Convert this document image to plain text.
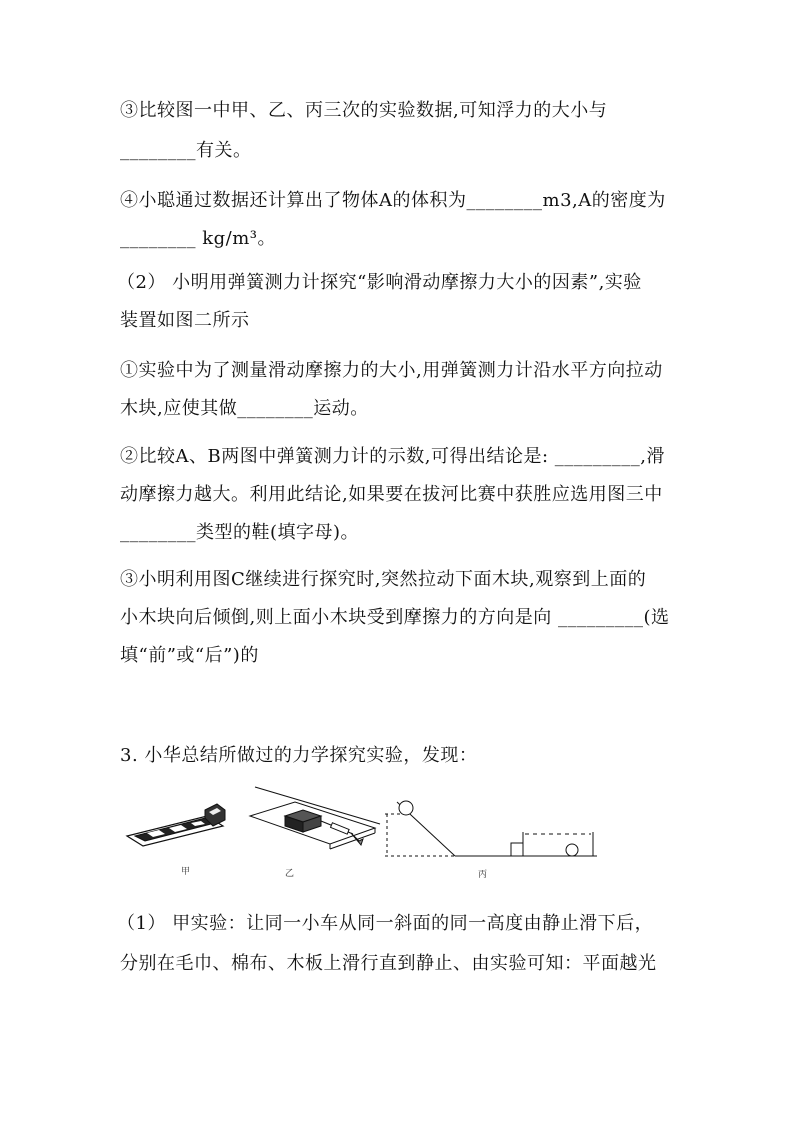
③比较图一中甲、乙、丙三次的实验数据,可知浮力的大小与
________有关。
④小聪通过数据还计算出了物体A的体积为________m3,A的密度为
________ kg/m³。
（2） 小明用弹簧测力计探究“影响滑动摩擦力大小的因素”,实验
装置如图二所示
①实验中为了测量滑动摩擦力的大小,用弹簧测力计沿水平方向拉动
木块,应使其做________运动。
②比较A、B两图中弹簧测力计的示数,可得出结论是: _________,滑
动摩擦力越大。利用此结论,如果要在拔河比赛中获胜应选用图三中
________类型的鞋(填字母)。
③小明利用图C继续进行探究时,突然拉动下面木块,观察到上面的
小木块向后倾倒,则上面小木块受到摩擦力的方向是向 _________(选
填“前”或“后”)的
3. 小华总结所做过的力学探究实验，发现：
甲	乙	丙
（1） 甲实验：让同一小车从同一斜面的同一高度由静止滑下后，
分别在毛巾、棉布、木板上滑行直到静止、由实验可知：平面越光
